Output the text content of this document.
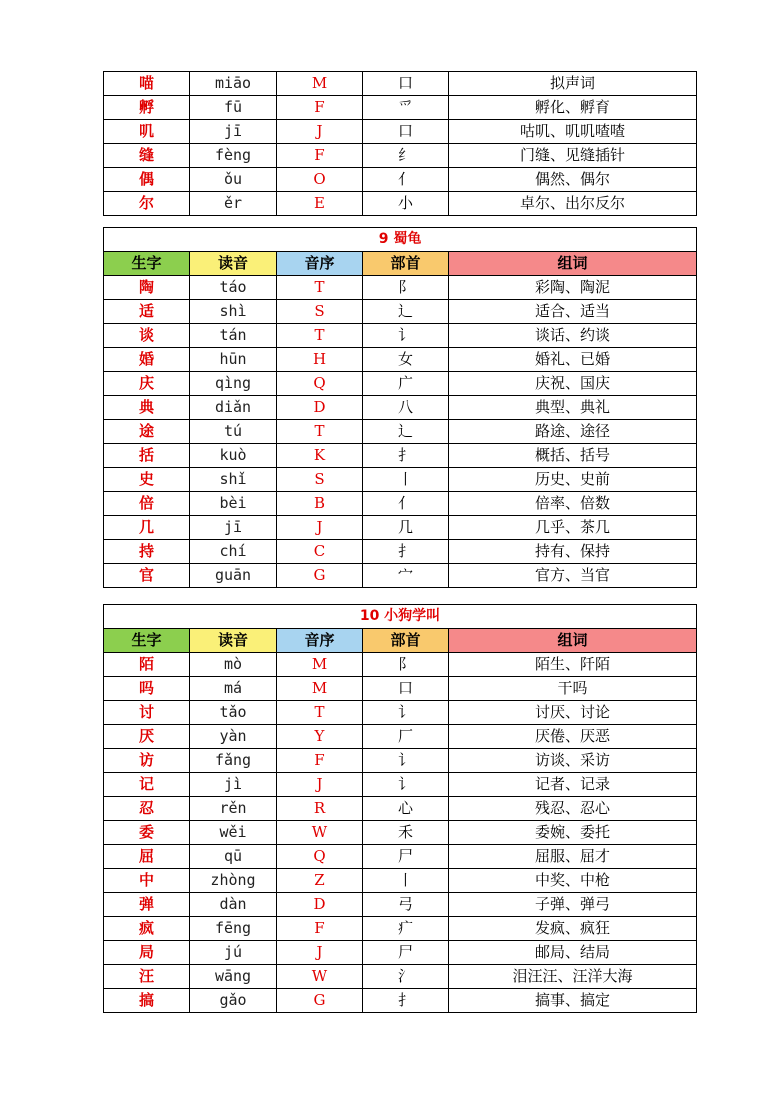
喵	miāo	M	口	拟声词
孵	fū	F	爫	孵化、孵育
叽	jī	J	口	咕叽、叽叽喳喳
缝	fèng	F	纟	门缝、见缝插针
偶	ǒu	O	亻	偶然、偶尔
尔	ěr	E	小	卓尔、出尔反尔
9 蜀龟				
生字	读音	音序	部首	组词
陶	táo	T	阝	彩陶、陶泥
适	shì	S	辶	适合、适当
谈	tán	T	讠	谈话、约谈
婚	hūn	H	女	婚礼、已婚
庆	qìng	Q	广	庆祝、国庆
典	diǎn	D	八	典型、典礼
途	tú	T	辶	路途、途径
括	kuò	K	扌	概括、括号
史	shǐ	S	丨	历史、史前
倍	bèi	B	亻	倍率、倍数
几	jī	J	几	几乎、茶几
持	chí	C	扌	持有、保持
官	guān	G	宀	官方、当官
10 小狗学叫				
生字	读音	音序	部首	组词
陌	mò	M	阝	陌生、阡陌
吗	má	M	口	干吗
讨	tǎo	T	讠	讨厌、讨论
厌	yàn	Y	厂	厌倦、厌恶
访	fǎng	F	讠	访谈、采访
记	jì	J	讠	记者、记录
忍	rěn	R	心	残忍、忍心
委	wěi	W	禾	委婉、委托
屈	qū	Q	尸	屈服、屈才
中	zhòng	Z	丨	中奖、中枪
弹	dàn	D	弓	子弹、弹弓
疯	fēng	F	疒	发疯、疯狂
局	jú	J	尸	邮局、结局
汪	wāng	W	氵	泪汪汪、汪洋大海
搞	gǎo	G	扌	搞事、搞定
